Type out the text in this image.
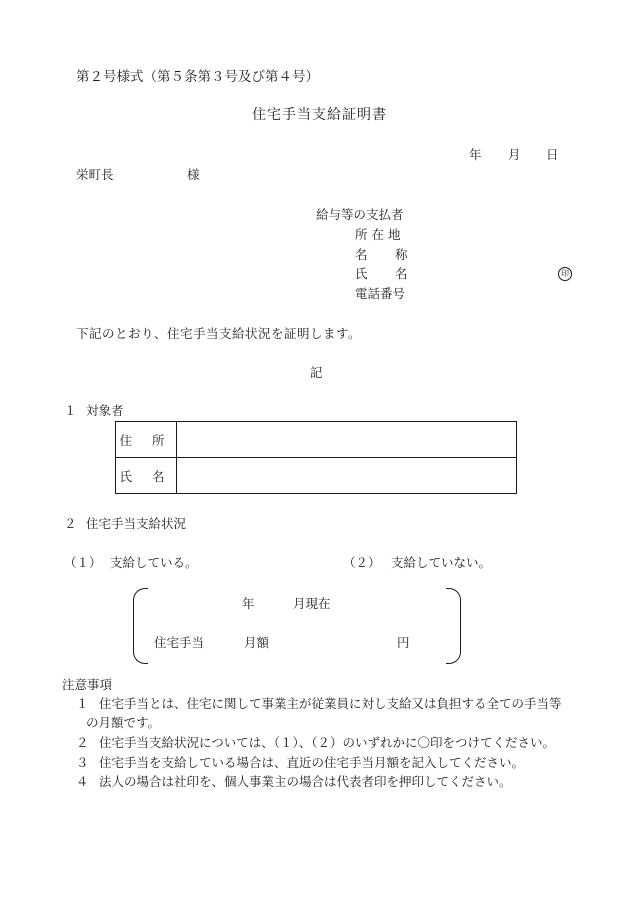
第２号様式（第５条第３号及び第４号）
住宅手当支給証明書
年 月 日
栄町長	様
給与等の支払者
所 在 地
名 称
氏 名	印
電話番号
下記のとおり、住宅手当支給状況を証明します。
記
１ 対象者
住 所	
氏 名	
２ 住宅手当支給状況
（１） 支給している。	（２） 支給していない。
年	月現在
住宅手当	月額	円
注意事項
１ 住宅手当とは、住宅に関して事業主が従業員に対し支給又は負担する全ての手当等
の月額です。
２ 住宅手当支給状況については、（１）、（２）のいずれかに〇印をつけてください。
３ 住宅手当を支給している場合は、直近の住宅手当月額を記入してください。
４ 法人の場合は社印を、個人事業主の場合は代表者印を押印してください。
